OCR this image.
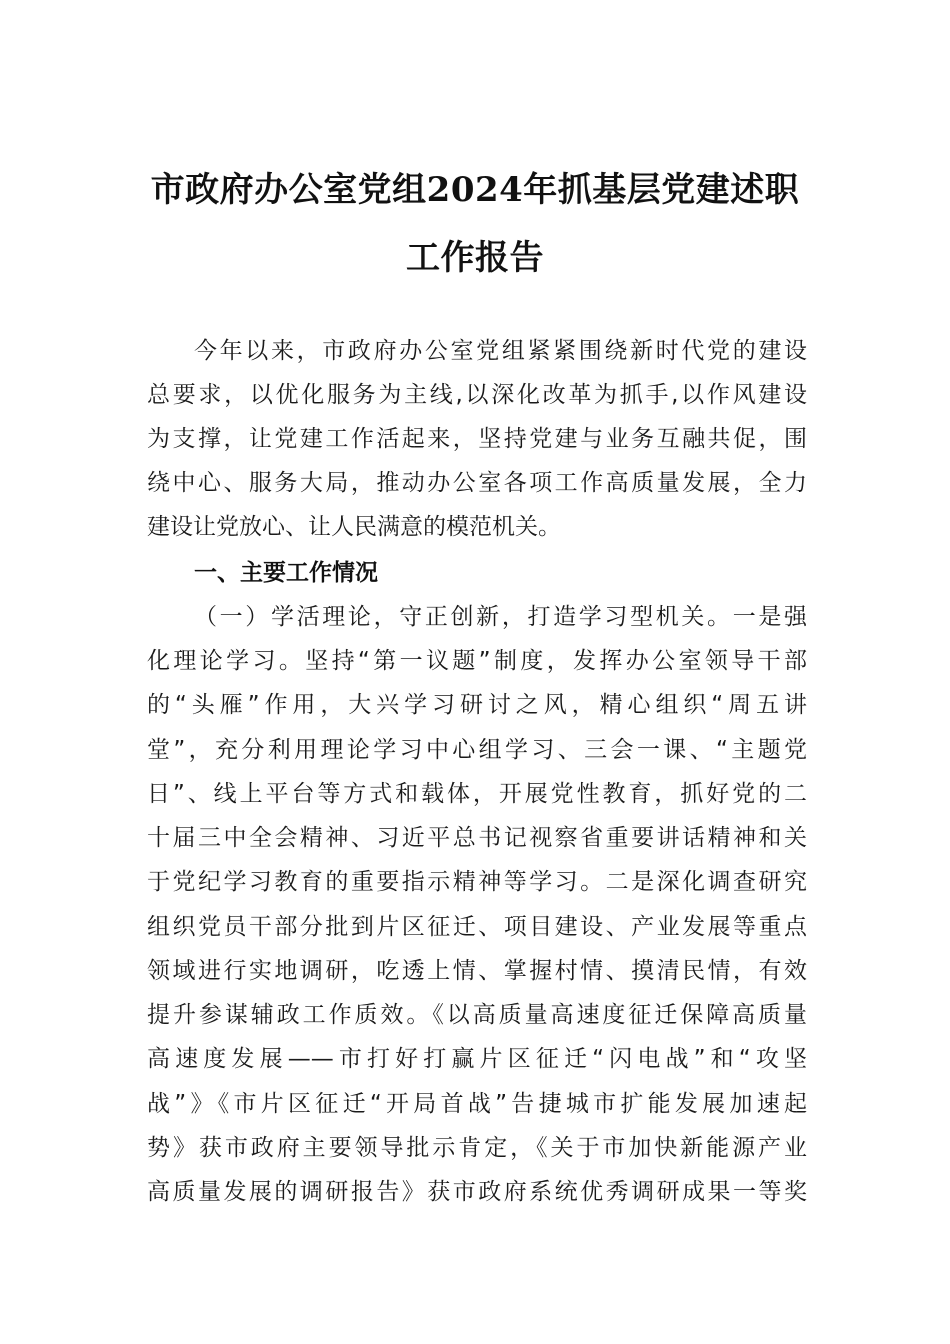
市政府办公室党组2024年抓基层党建述职
工作报告
今年以来，市政府办公室党组紧紧围绕新时代党的建设
总要求，以优化服务为主线,以深化改革为抓手,以作风建设
为支撑，让党建工作活起来，坚持党建与业务互融共促，围
绕中心、服务大局，推动办公室各项工作高质量发展，全力
建设让党放心、让人民满意的模范机关。
一、主要工作情况
（一）学活理论，守正创新，打造学习型机关。一是强
化理论学习。坚持“第一议题”制度，发挥办公室领导干部
的“头雁”作用，大兴学习研讨之风，精心组织“周五讲
堂”，充分利用理论学习中心组学习、三会一课、“主题党
日”、线上平台等方式和载体，开展党性教育，抓好党的二
十届三中全会精神、习近平总书记视察省重要讲话精神和关
于党纪学习教育的重要指示精神等学习。二是深化调查研究
组织党员干部分批到片区征迁、项目建设、产业发展等重点
领域进行实地调研，吃透上情、掌握村情、摸清民情，有效
提升参谋辅政工作质效。《以高质量高速度征迁保障高质量
高速度发展——市打好打赢片区征迁“闪电战”和“攻坚
战”》《市片区征迁“开局首战”告捷城市扩能发展加速起
势》获市政府主要领导批示肯定，《关于市加快新能源产业
高质量发展的调研报告》获市政府系统优秀调研成果一等奖
